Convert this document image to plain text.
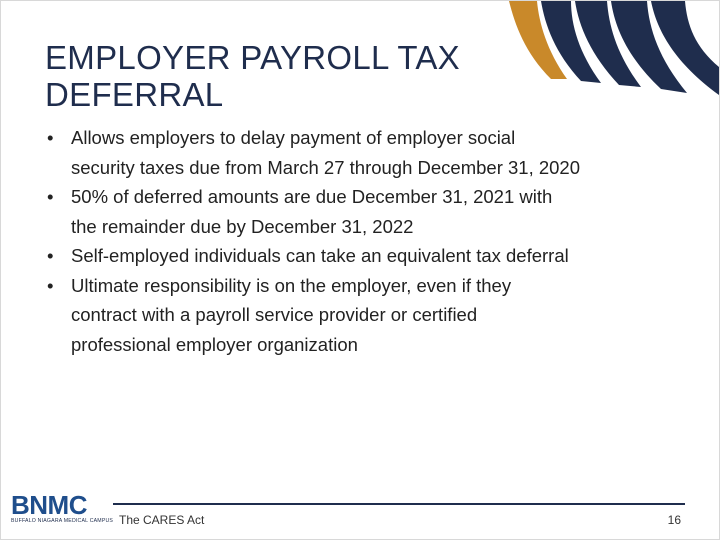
EMPLOYER PAYROLL TAX
DEFERRAL
• Allows employers to delay payment of employer social
security taxes due from March 27 through December 31, 2020
• 50% of deferred amounts are due December 31, 2021 with
the remainder due by December 31, 2022
• Self-employed individuals can take an equivalent tax deferral
• Ultimate responsibility is on the employer, even if they
contract with a payroll service provider or certified
professional employer organization
BNMC
BUFFALO NIAGARA MEDICAL CAMPUS The CARES Act	16
